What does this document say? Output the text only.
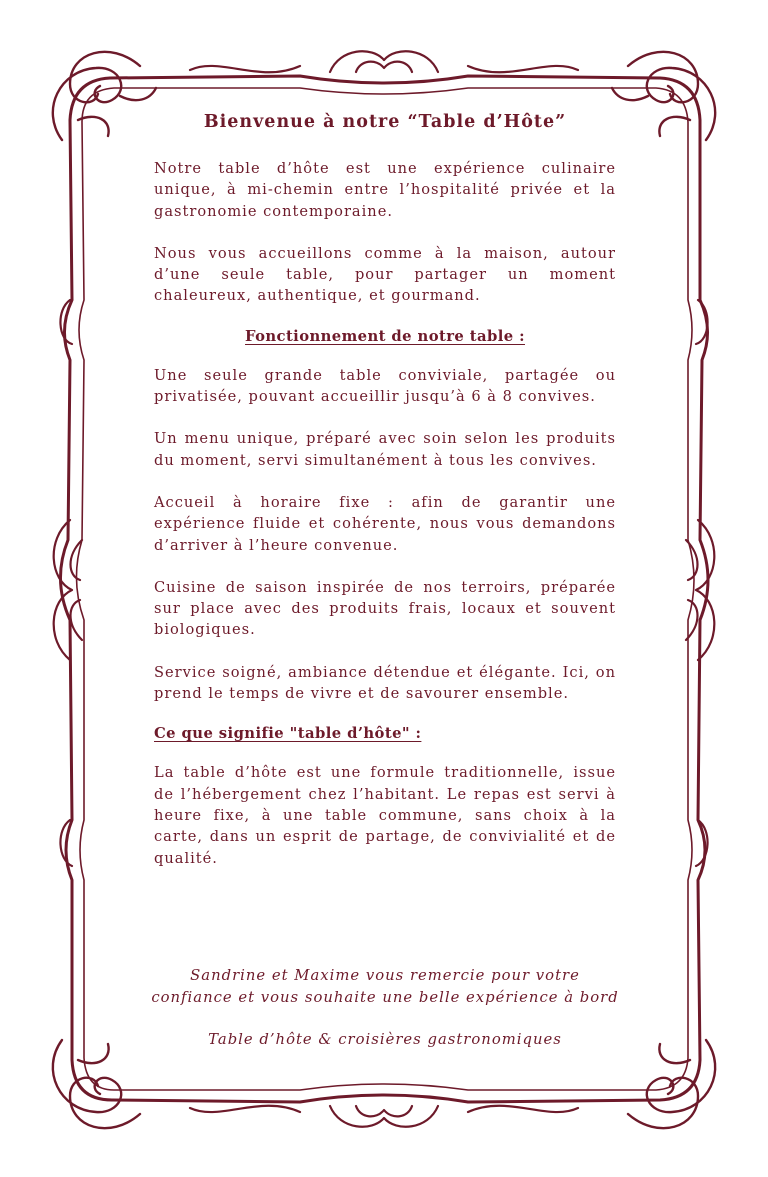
Bienvenue à notre “Table d’Hôte”

Notre table d’hôte est une expérience culinaire unique, à mi-chemin entre l’hospitalité privée et la gastronomie contemporaine.

Nous vous accueillons comme à la maison, autour d’une seule table, pour partager un moment chaleureux, authentique, et gourmand.

Fonctionnement de notre table :

Une seule grande table conviviale, partagée ou privatisée, pouvant accueillir jusqu’à 6 à 8 convives.

Un menu unique, préparé avec soin selon les produits du moment, servi simultanément à tous les convives.

Accueil à horaire fixe : afin de garantir une expérience fluide et cohérente, nous vous demandons d’arriver à l’heure convenue.

Cuisine de saison inspirée de nos terroirs, préparée sur place avec des produits frais, locaux et souvent biologiques.

Service soigné, ambiance détendue et élégante. Ici, on prend le temps de vivre et de savourer ensemble.

Ce que signifie "table d’hôte" :

La table d’hôte est une formule traditionnelle, issue de l’hébergement chez l’habitant. Le repas est servi à heure fixe, à une table commune, sans choix à la carte, dans un esprit de partage, de convivialité et de qualité.

Sandrine et Maxime vous remercie pour votre
confiance et vous souhaite une belle expérience à bord
Table d’hôte & croisières gastronomiques
